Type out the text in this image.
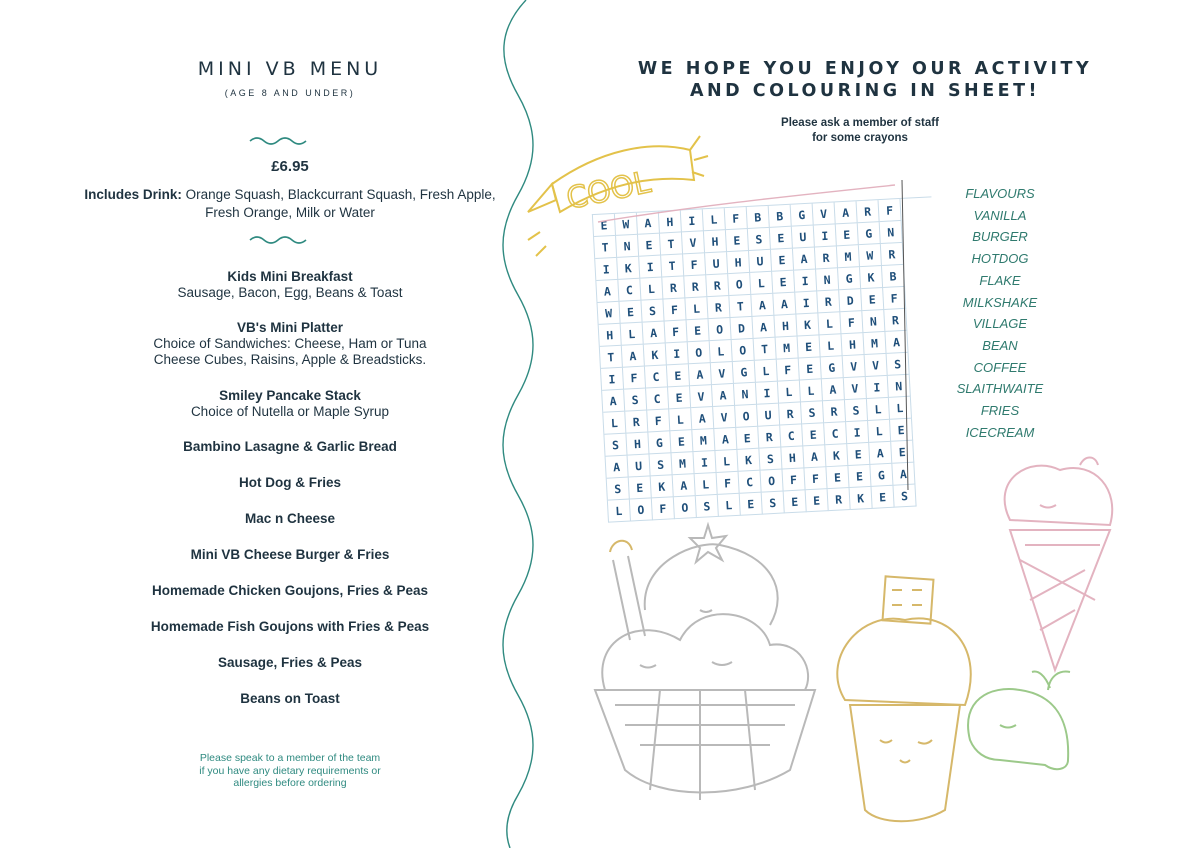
MINI VB MENU
(AGE 8 AND UNDER)
£6.95
Includes Drink: Orange Squash, Blackcurrant Squash, Fresh Apple, Fresh Orange, Milk or Water
Kids Mini Breakfast
Sausage, Bacon, Egg, Beans & Toast
VB's Mini Platter
Choice of Sandwiches: Cheese, Ham or Tuna
Cheese Cubes, Raisins, Apple & Breadsticks.
Smiley Pancake Stack
Choice of Nutella or Maple Syrup
Bambino Lasagne & Garlic Bread
Hot Dog & Fries
Mac n Cheese
Mini VB Cheese Burger & Fries
Homemade Chicken Goujons, Fries & Peas
Homemade Fish Goujons with Fries & Peas
Sausage, Fries & Peas
Beans on Toast
Please speak to a member of the team
if you have any dietary requirements or
allergies before ordering
WE HOPE YOU ENJOY OUR ACTIVITY
AND COLOURING IN SHEET!
Please ask a member of staff
for some crayons
E	W	A	H	I	L	F	B	B	G	V	A	R	F
T	N	E	T	V	H	E	S	E	U	I	E	G	N
I	K	I	T	F	U	H	U	E	A	R	M	W	R
A	C	L	R	R	R	O	L	E	I	N	G	K	B
W	E	S	F	L	R	T	A	A	I	R	D	E	F
H	L	A	F	E	O	D	A	H	K	L	F	N	R
T	A	K	I	O	L	O	T	M	E	L	H	M	A
I	F	C	E	A	V	G	L	F	E	G	V	V	S
A	S	C	E	V	A	N	I	L	L	A	V	I	N
L	R	F	L	A	V	O	U	R	S	R	S	L	L
S	H	G	E	M	A	E	R	C	E	C	I	L	E
A	U	S	M	I	L	K	S	H	A	K	E	A	E
S	E	K	A	L	F	C	O	F	F	E	E	G	A
L	O	F	O	S	L	E	S	E	E	R	K	E	S
FLAVOURS
VANILLA
BURGER
HOTDOG
FLAKE
MILKSHAKE
VILLAGE
BEAN
COFFEE
SLAITHWAITE
FRIES
ICECREAM
COOL
